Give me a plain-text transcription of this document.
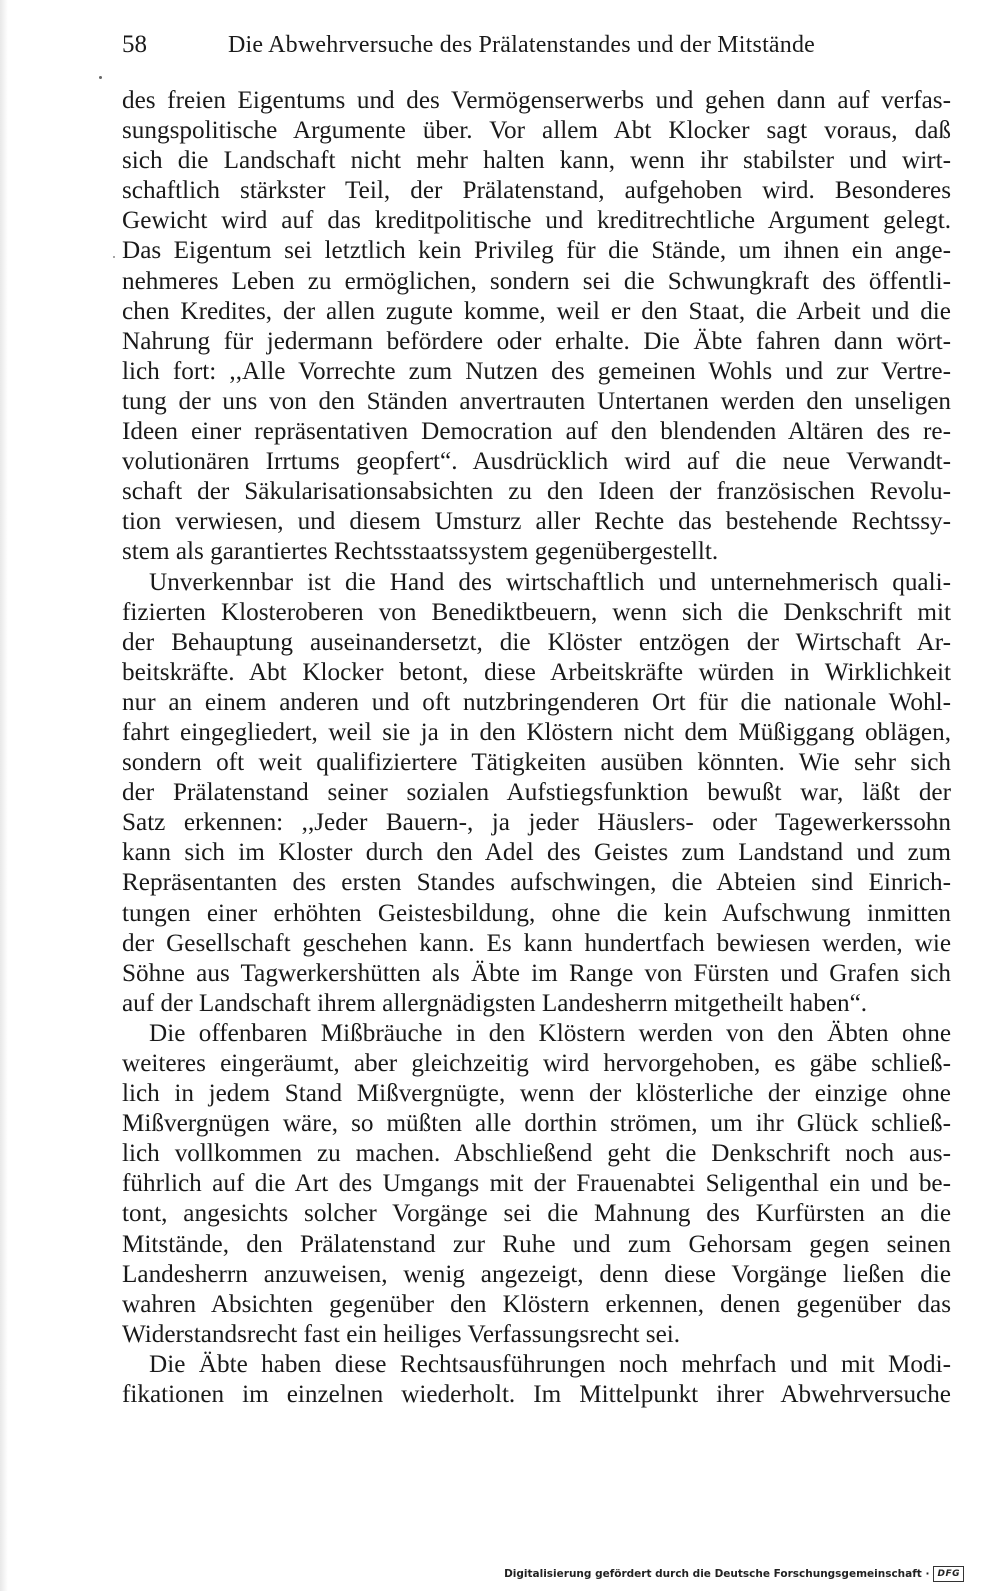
58	Die Abwehrversuche des Prälatenstandes und der Mitstände
des freien Eigentums und des Vermögenserwerbs und gehen dann auf verfas-
sungspolitische Argumente über. Vor allem Abt Klocker sagt voraus, daß
sich die Landschaft nicht mehr halten kann, wenn ihr stabilster und wirt-
schaftlich stärkster Teil, der Prälatenstand, aufgehoben wird. Besonderes
Gewicht wird auf das kreditpolitische und kreditrechtliche Argument gelegt.
Das Eigentum sei letztlich kein Privileg für die Stände, um ihnen ein ange-
nehmeres Leben zu ermöglichen, sondern sei die Schwungkraft des öffentli-
chen Kredites, der allen zugute komme, weil er den Staat, die Arbeit und die
Nahrung für jedermann befördere oder erhalte. Die Äbte fahren dann wört-
lich fort: ,,Alle Vorrechte zum Nutzen des gemeinen Wohls und zur Vertre-
tung der uns von den Ständen anvertrauten Untertanen werden den unseligen
Ideen einer repräsentativen Democration auf den blendenden Altären des re-
volutionären Irrtums geopfert“. Ausdrücklich wird auf die neue Verwandt-
schaft der Säkularisationsabsichten zu den Ideen der französischen Revolu-
tion verwiesen, und diesem Umsturz aller Rechte das bestehende Rechtssy-
stem als garantiertes Rechtsstaatssystem gegenübergestellt.
Unverkennbar ist die Hand des wirtschaftlich und unternehmerisch quali-
fizierten Klosteroberen von Benediktbeuern, wenn sich die Denkschrift mit
der Behauptung auseinandersetzt, die Klöster entzögen der Wirtschaft Ar-
beitskräfte. Abt Klocker betont, diese Arbeitskräfte würden in Wirklichkeit
nur an einem anderen und oft nutzbringenderen Ort für die nationale Wohl-
fahrt eingegliedert, weil sie ja in den Klöstern nicht dem Müßiggang oblägen,
sondern oft weit qualifiziertere Tätigkeiten ausüben könnten. Wie sehr sich
der Prälatenstand seiner sozialen Aufstiegsfunktion bewußt war, läßt der
Satz erkennen: ,,Jeder Bauern-, ja jeder Häuslers- oder Tagewerkerssohn
kann sich im Kloster durch den Adel des Geistes zum Landstand und zum
Repräsentanten des ersten Standes aufschwingen, die Abteien sind Einrich-
tungen einer erhöhten Geistesbildung, ohne die kein Aufschwung inmitten
der Gesellschaft geschehen kann. Es kann hundertfach bewiesen werden, wie
Söhne aus Tagwerkershütten als Äbte im Range von Fürsten und Grafen sich
auf der Landschaft ihrem allergnädigsten Landesherrn mitgetheilt haben“.
Die offenbaren Mißbräuche in den Klöstern werden von den Äbten ohne
weiteres eingeräumt, aber gleichzeitig wird hervorgehoben, es gäbe schließ-
lich in jedem Stand Mißvergnügte, wenn der klösterliche der einzige ohne
Mißvergnügen wäre, so müßten alle dorthin strömen, um ihr Glück schließ-
lich vollkommen zu machen. Abschließend geht die Denkschrift noch aus-
führlich auf die Art des Umgangs mit der Frauenabtei Seligenthal ein und be-
tont, angesichts solcher Vorgänge sei die Mahnung des Kurfürsten an die
Mitstände, den Prälatenstand zur Ruhe und zum Gehorsam gegen seinen
Landesherrn anzuweisen, wenig angezeigt, denn diese Vorgänge ließen die
wahren Absichten gegenüber den Klöstern erkennen, denen gegenüber das
Widerstandsrecht fast ein heiliges Verfassungsrecht sei.
Die Äbte haben diese Rechtsausführungen noch mehrfach und mit Modi-
fikationen im einzelnen wiederholt. Im Mittelpunkt ihrer Abwehrversuche
Digitalisierung gefördert durch die Deutsche Forschungsgemeinschaft · DFG
